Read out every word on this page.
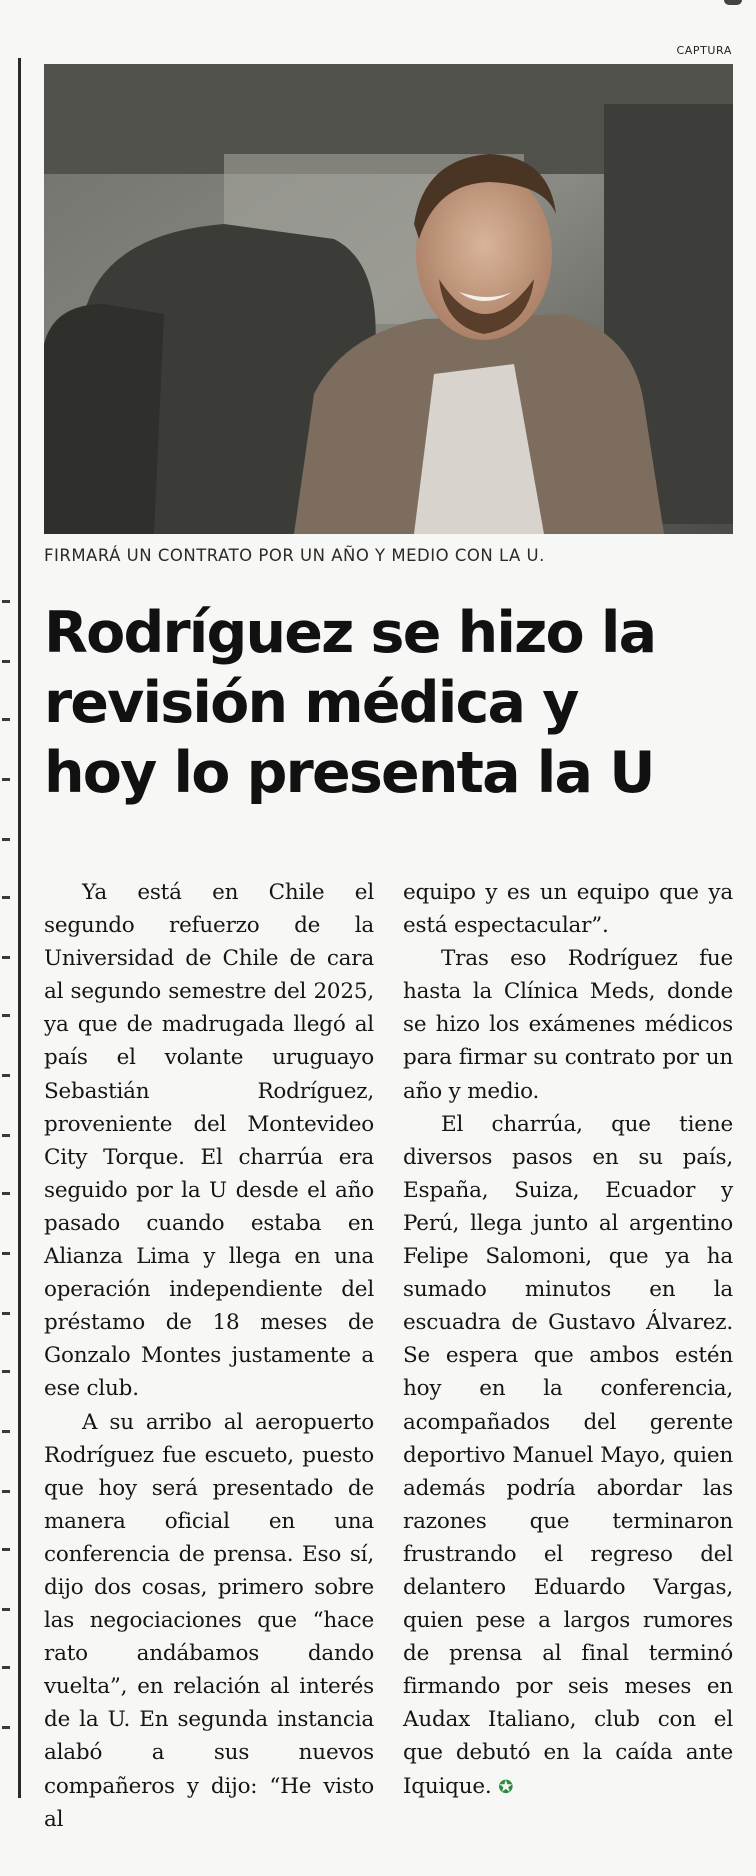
CAPTURA
FIRMARÁ UN CONTRATO POR UN AÑO Y MEDIO CON LA U.
Rodríguez se hizo la
revisión médica y
hoy lo presenta la U

Ya está en Chile el segundo refuerzo de la Universidad de Chile de cara al segundo semestre del 2025, ya que de madrugada llegó al país el volante uruguayo Sebastián Rodríguez, proveniente del Montevideo City Torque. El charrúa era seguido por la U desde el año pasado cuando estaba en Alianza Lima y llega en una operación independiente del préstamo de 18 meses de Gonzalo Montes justamente a ese club.

A su arribo al aeropuerto Rodríguez fue escueto, puesto que hoy será presentado de manera oficial en una conferencia de prensa. Eso sí, dijo dos cosas, primero sobre las negociaciones que “hace rato andábamos dando vuelta”, en relación al interés de la U. En segunda instancia alabó a sus nuevos compañeros y dijo: “He visto al

equipo y es un equipo que ya está espectacular”.

Tras eso Rodríguez fue hasta la Clínica Meds, donde se hizo los exámenes médicos para firmar su contrato por un año y medio.

El charrúa, que tiene diversos pasos en su país, España, Suiza, Ecuador y Perú, llega junto al argentino Felipe Salomoni, que ya ha sumado minutos en la escuadra de Gustavo Álvarez. Se espera que ambos estén hoy en la conferencia, acompañados del gerente deportivo Manuel Mayo, quien además podría abordar las razones que terminaron frustrando el regreso del delantero Eduardo Vargas, quien pese a largos rumores de prensa al final terminó firmando por seis meses en Audax Italiano, club con el que debutó en la caída ante Iquique. ✪
